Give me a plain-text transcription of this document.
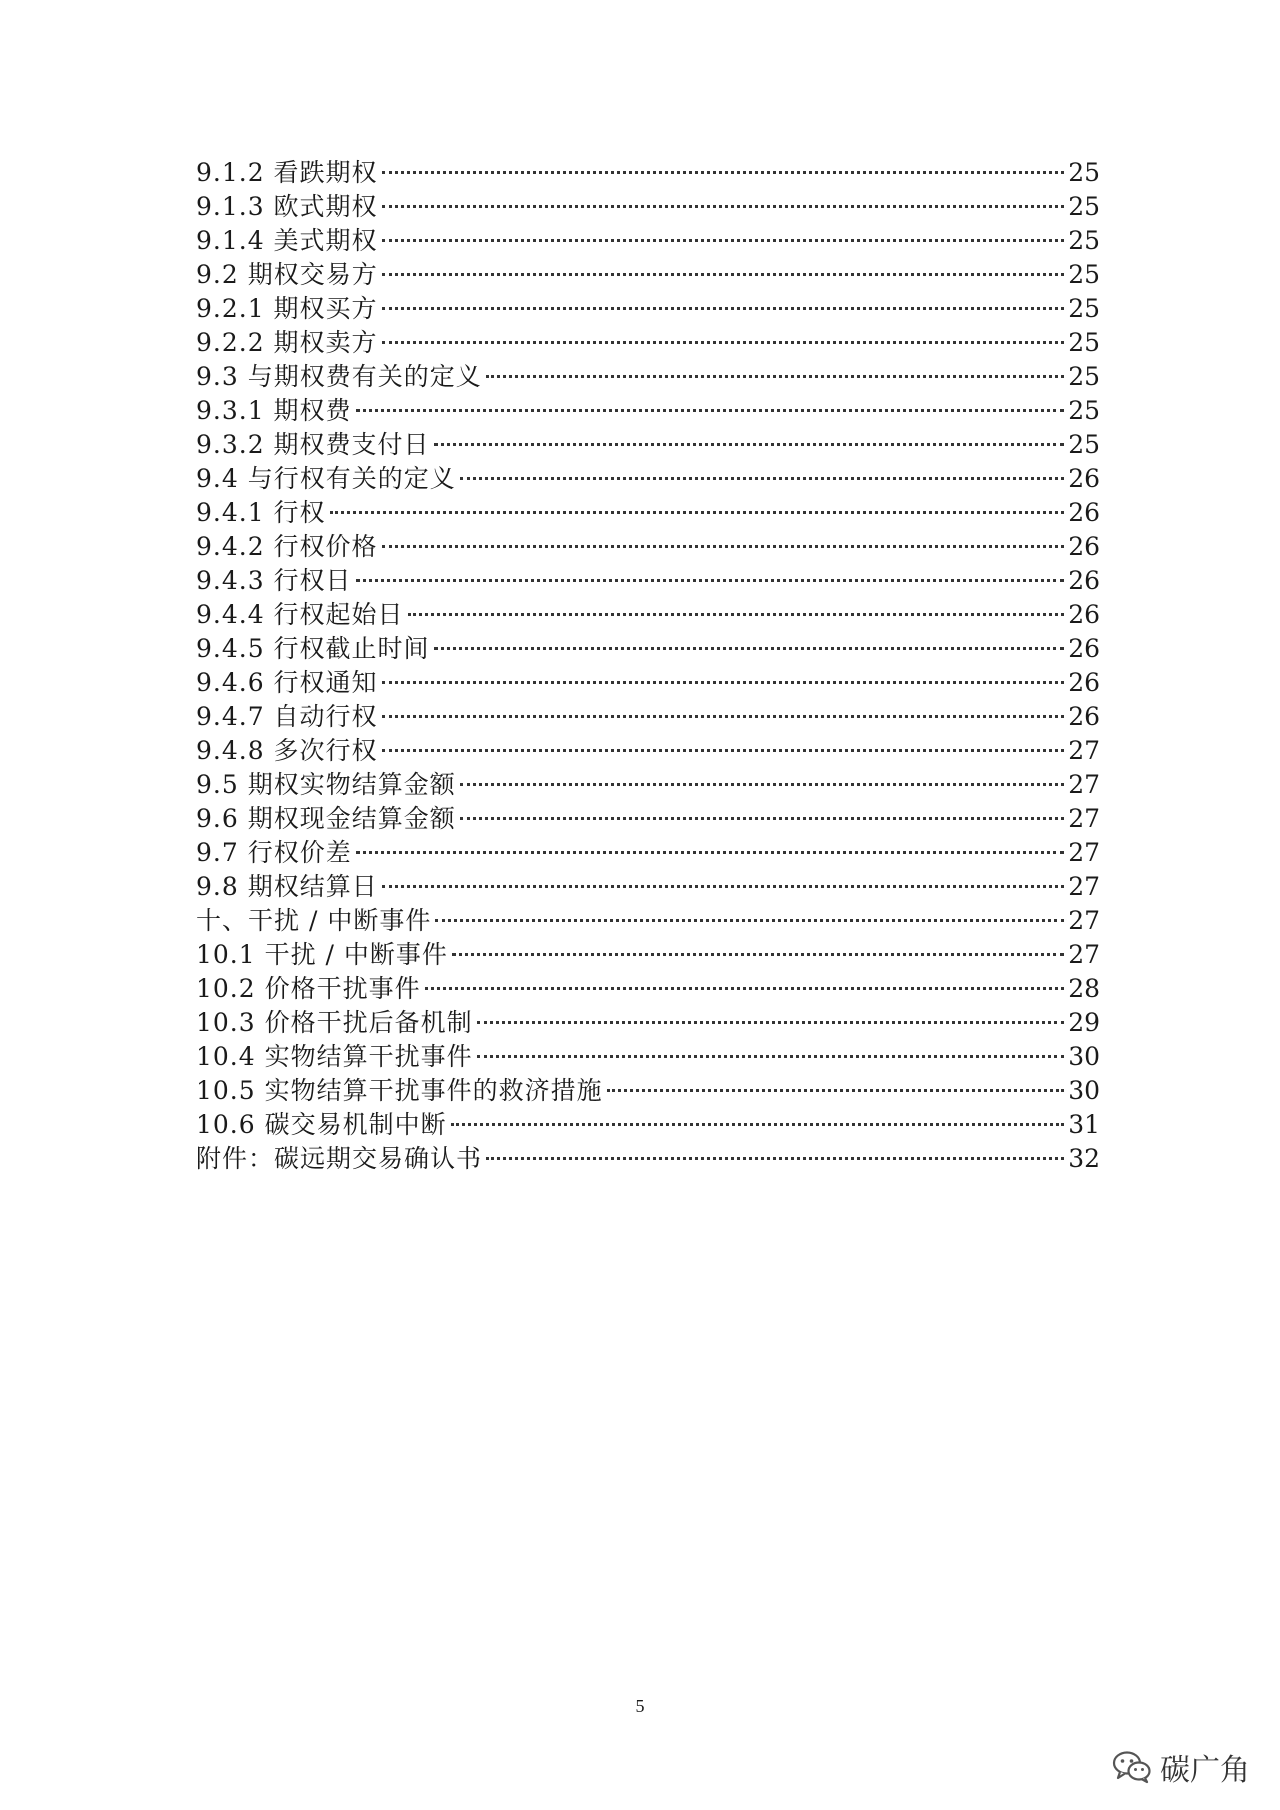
9.1.2 看跌期权	25
9.1.3 欧式期权	25
9.1.4 美式期权	25
9.2 期权交易方	25
9.2.1 期权买方	25
9.2.2 期权卖方	25
9.3 与期权费有关的定义	25
9.3.1 期权费	25
9.3.2 期权费支付日	25
9.4 与行权有关的定义	26
9.4.1 行权	26
9.4.2 行权价格	26
9.4.3 行权日	26
9.4.4 行权起始日	26
9.4.5 行权截止时间	26
9.4.6 行权通知	26
9.4.7 自动行权	26
9.4.8 多次行权	27
9.5 期权实物结算金额	27
9.6 期权现金结算金额	27
9.7 行权价差	27
9.8 期权结算日	27
十、干扰 / 中断事件	27
10.1 干扰 / 中断事件	27
10.2 价格干扰事件	28
10.3 价格干扰后备机制	29
10.4 实物结算干扰事件	30
10.5 实物结算干扰事件的救济措施	30
10.6 碳交易机制中断	31
附件：碳远期交易确认书	32
5
碳广角
